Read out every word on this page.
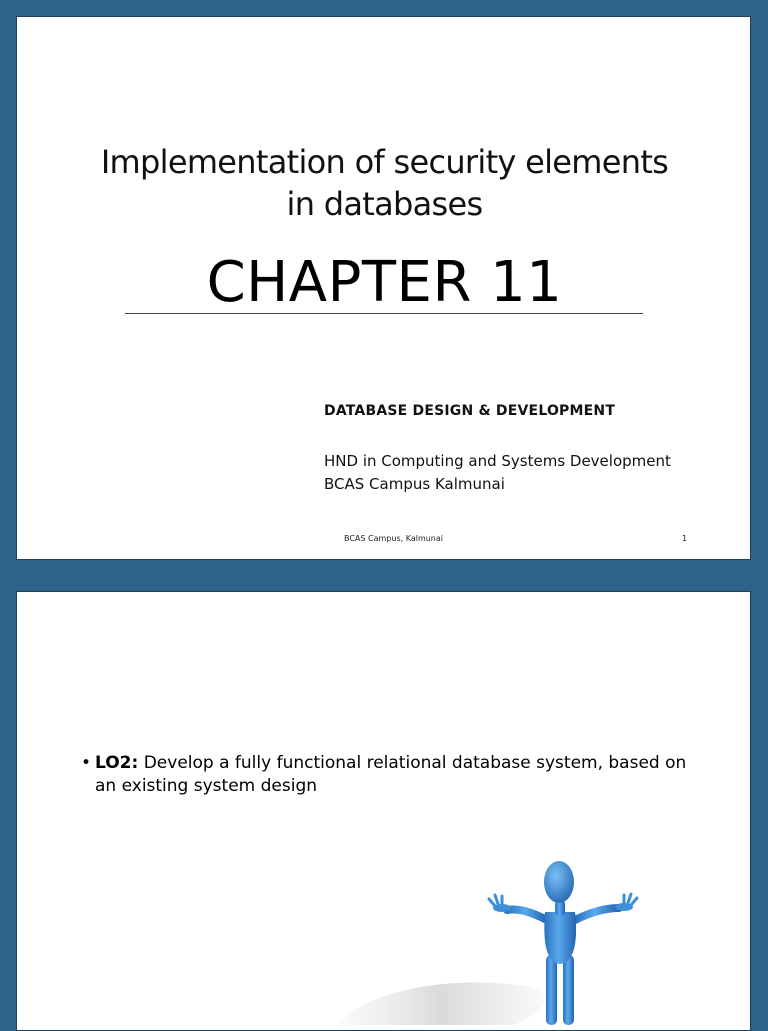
Implementation of security elements
in databases
CHAPTER 11
DATABASE DESIGN & DEVELOPMENT
HND in Computing and Systems Development
BCAS Campus Kalmunai
BCAS Campus, Kalmunai	1
• LO2: Develop a fully functional relational database system, based on an existing system design
